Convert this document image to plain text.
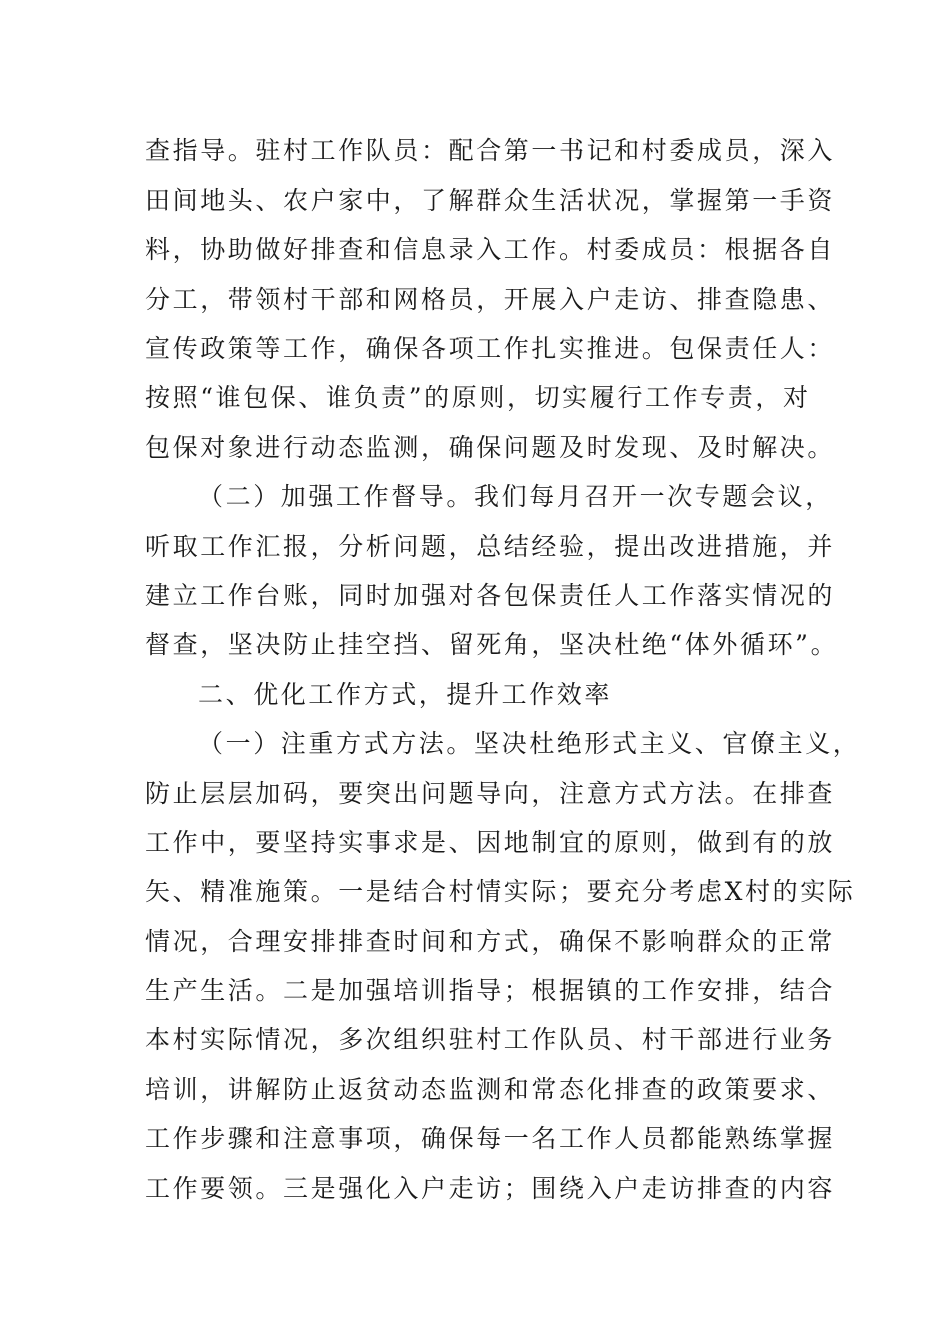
查指导。驻村工作队员：配合第一书记和村委成员，深入
田间地头、农户家中，了解群众生活状况，掌握第一手资
料，协助做好排查和信息录入工作。村委成员：根据各自
分工，带领村干部和网格员，开展入户走访、排查隐患、
宣传政策等工作，确保各项工作扎实推进。包保责任人：
按照“谁包保、谁负责”的原则，切实履行工作专责，对
包保对象进行动态监测，确保问题及时发现、及时解决。
（二）加强工作督导。我们每月召开一次专题会议，
听取工作汇报，分析问题，总结经验，提出改进措施，并
建立工作台账，同时加强对各包保责任人工作落实情况的
督查，坚决防止挂空挡、留死角，坚决杜绝“体外循环”。
二、优化工作方式，提升工作效率
（一）注重方式方法。坚决杜绝形式主义、官僚主义，
防止层层加码，要突出问题导向，注意方式方法。在排查
工作中，要坚持实事求是、因地制宜的原则，做到有的放
矢、精准施策。一是结合村情实际；要充分考虑X村的实际
情况，合理安排排查时间和方式，确保不影响群众的正常
生产生活。二是加强培训指导；根据镇的工作安排，结合
本村实际情况，多次组织驻村工作队员、村干部进行业务
培训，讲解防止返贫动态监测和常态化排查的政策要求、
工作步骤和注意事项，确保每一名工作人员都能熟练掌握
工作要领。三是强化入户走访；围绕入户走访排查的内容
